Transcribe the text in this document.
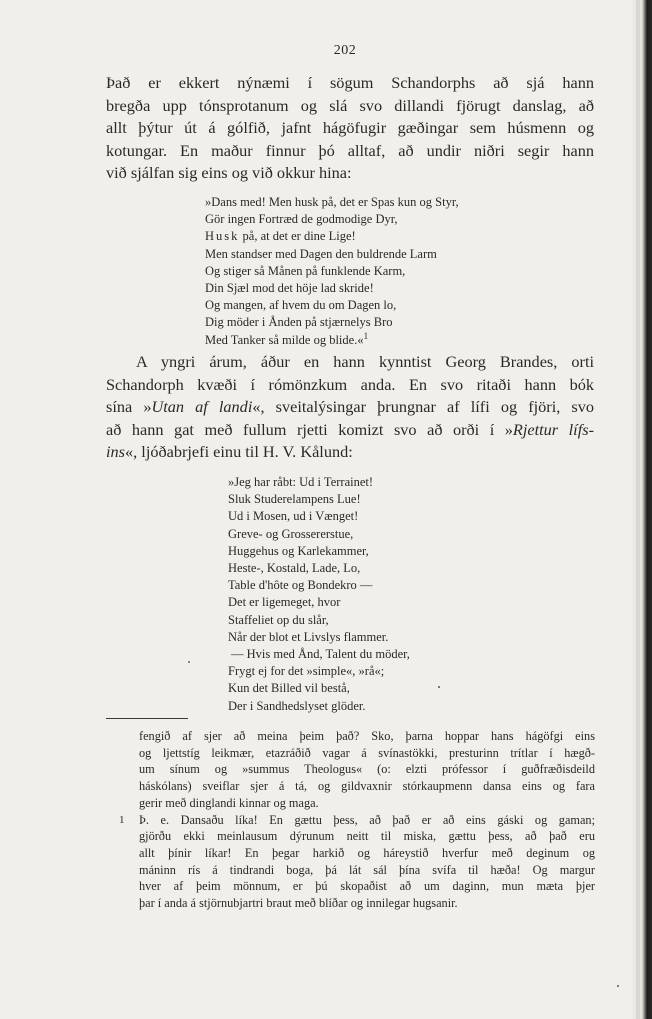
202

Það er ekkert nýnæmi í sögum Schandorphs að sjá hann
bregða upp tónsprotanum og slá svo dillandi fjörugt danslag, að
allt þýtur út á gólfið, jafnt hágöfugir gæðingar sem húsmenn og
kotungar. En maður finnur þó alltaf, að undir niðri segir hann
við sjálfan sig eins og við okkur hina:

»Dans med! Men husk på, det er Spas kun og Styr,
Gör ingen Fortræd de godmodige Dyr,
Husk på, at det er dine Lige!
Men standser med Dagen den buldrende Larm
Og stiger så Månen på funklende Karm,
Din Sjæl mod det höje lad skride!
Og mangen, af hvem du om Dagen lo,
Dig möder i Ånden på stjærnelys Bro
Med Tanker så milde og blide.«$^1$

A yngri árum, áður en hann kynntist Georg Brandes, orti
Schandorph kvæði í rómönzkum anda. En svo ritaði hann bók
sína »Utan af landi«, sveitalýsingar þrungnar af lífi og fjöri, svo
að hann gat með fullum rjetti komizt svo að orði í »Rjettur lífs-
ins«, ljóðabrjefi einu til H. V. Kålund:

»Jeg har råbt: Ud i Terrainet!
Sluk Studerelampens Lue!
Ud i Mosen, ud i Vænget!
Greve- og Grossererstue,
Huggehus og Karlekammer,
Heste-, Kostald, Lade, Lo,
Table d'hôte og Bondekro —
Det er ligemeget, hvor
Staffeliet op du slår,
Når der blot et Livslys flammer.
— Hvis med Ånd, Talent du möder,
Frygt ej for det »simple«, »rå«;
Kun det Billed vil bestå,
Der i Sandhedslyset glöder.
fengið af sjer að meina þeim það? Sko, þarna hoppar hans hágöfgi eins
og ljettstíg leikmær, etazráðið vagar á svínastökki, presturinn trítlar í hægð-
um sínum og »summus Theologus« (o: elzti prófessor í guðfræðisdeild
háskólans) sveiflar sjer á tá, og gildvaxnir stórkaupmenn dansa eins og fara
gerir með dinglandi kinnar og maga.
1 Þ. e. Dansaðu líka! En gættu þess, að það er að eins gáski og gaman;
gjörðu ekki meinlausum dýrunum neitt til miska, gættu þess, að það eru
allt þínir líkar! En þegar harkið og háreystið hverfur með deginum og
máninn rís á tindrandi boga, þá lát sál þína svífa til hæða! Og margur
hver af þeim mönnum, er þú skopaðist að um daginn, mun mæta þjer
þar í anda á stjörnubjartri braut með blíðar og innilegar hugsanir.
